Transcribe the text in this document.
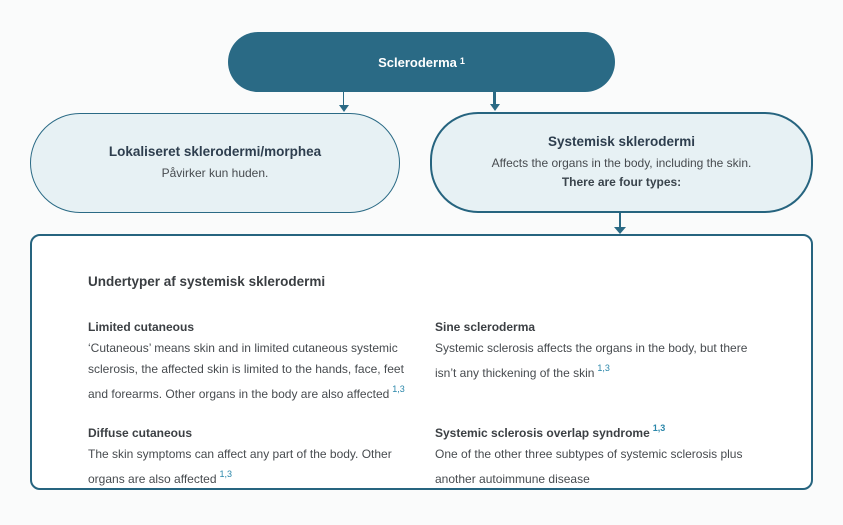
Scleroderma $^1$
Lokaliseret sklerodermi/morphea
Påvirker kun huden.
Systemisk sklerodermi
Affects the organs in the body, including the skin.
There are four types:
Undertyper af systemisk sklerodermi
Limited cutaneous
‘Cutaneous’ means skin and in limited cutaneous systemic sclerosis, the affected skin is limited to the hands, face, feet and forearms. Other organs in the body are also affected $^{1,3}$
Sine scleroderma
Systemic sclerosis affects the organs in the body, but there isn’t any thickening of the skin $^{1,3}$
Diffuse cutaneous
The skin symptoms can affect any part of the body. Other organs are also affected $^{1,3}$
Systemic sclerosis overlap syndrome $^{1,3}$
One of the other three subtypes of systemic sclerosis plus another autoimmune disease
